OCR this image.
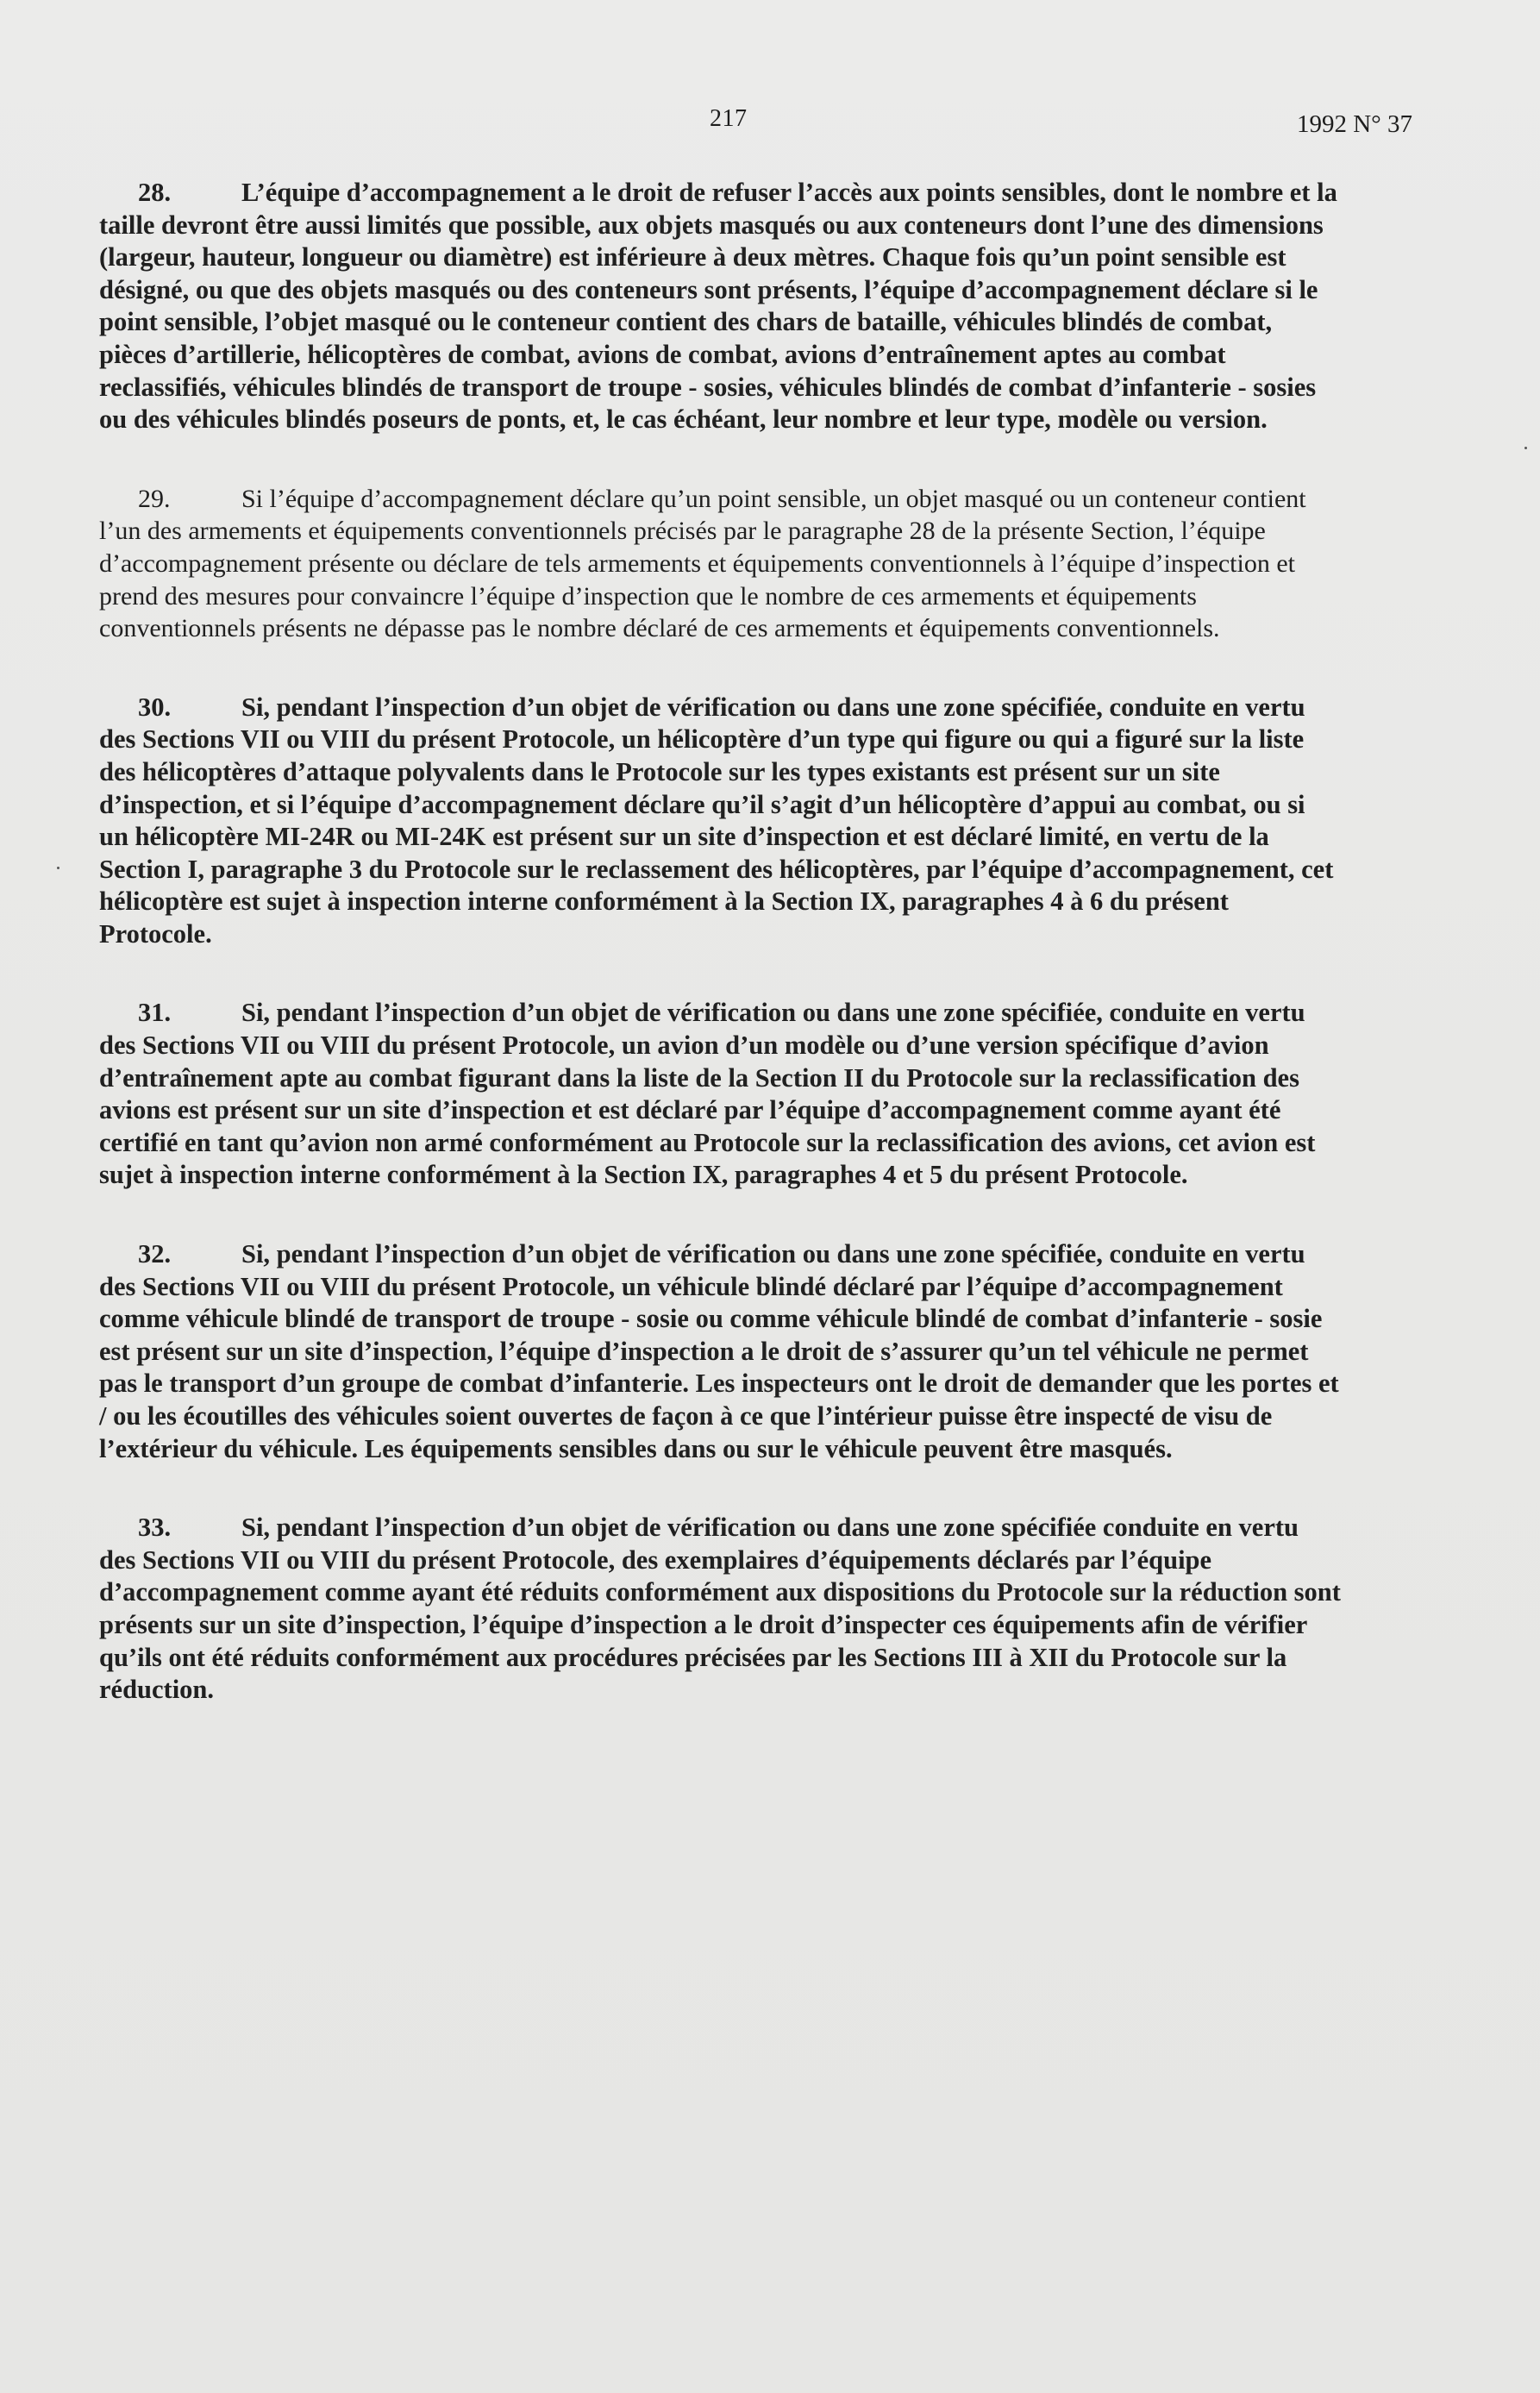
217	1992 N° 37

28.	L’équipe d’accompagnement a le droit de refuser l’accès aux points sensibles, dont le nombre et la taille devront être aussi limités que possible, aux objets masqués ou aux conteneurs dont l’une des dimensions (largeur, hauteur, longueur ou diamètre) est inférieure à deux mètres. Chaque fois qu’un point sensible est désigné, ou que des objets masqués ou des conteneurs sont présents, l’équipe d’accompagnement déclare si le point sensible, l’objet masqué ou le conteneur contient des chars de bataille, véhicules blindés de combat, pièces d’artillerie, hélicoptères de combat, avions de combat, avions d’entraînement aptes au combat reclassifiés, véhicules blindés de transport de troupe - sosies, véhicules blindés de combat d’infanterie - sosies ou des véhicules blindés poseurs de ponts, et, le cas échéant, leur nombre et leur type, modèle ou version.

29.	Si l’équipe d’accompagnement déclare qu’un point sensible, un objet masqué ou un conteneur contient l’un des armements et équipements conventionnels précisés par le paragraphe 28 de la présente Section, l’équipe d’accompagnement présente ou déclare de tels armements et équipements conventionnels à l’équipe d’inspection et prend des mesures pour convaincre l’équipe d’inspection que le nombre de ces armements et équipements conventionnels présents ne dépasse pas le nombre déclaré de ces armements et équipements conventionnels.

30.	Si, pendant l’inspection d’un objet de vérification ou dans une zone spécifiée, conduite en vertu des Sections VII ou VIII du présent Protocole, un hélicoptère d’un type qui figure ou qui a figuré sur la liste des hélicoptères d’attaque polyvalents dans le Protocole sur les types existants est présent sur un site d’inspection, et si l’équipe d’accompagnement déclare qu’il s’agit d’un hélicoptère d’appui au combat, ou si un hélicoptère MI-24R ou MI-24K est présent sur un site d’inspection et est déclaré limité, en vertu de la Section I, paragraphe 3 du Protocole sur le reclassement des hélicoptères, par l’équipe d’accompagnement, cet hélicoptère est sujet à inspection interne conformément à la Section IX, paragraphes 4 à 6 du présent Protocole.

31.	Si, pendant l’inspection d’un objet de vérification ou dans une zone spécifiée, conduite en vertu des Sections VII ou VIII du présent Protocole, un avion d’un modèle ou d’une version spécifique d’avion d’entraînement apte au combat figurant dans la liste de la Section II du Protocole sur la reclassification des avions est présent sur un site d’inspection et est déclaré par l’équipe d’accompagnement comme ayant été certifié en tant qu’avion non armé conformément au Protocole sur la reclassification des avions, cet avion est sujet à inspection interne conformément à la Section IX, paragraphes 4 et 5 du présent Protocole.

32.	Si, pendant l’inspection d’un objet de vérification ou dans une zone spécifiée, conduite en vertu des Sections VII ou VIII du présent Protocole, un véhicule blindé déclaré par l’équipe d’accompagnement comme véhicule blindé de transport de troupe - sosie ou comme véhicule blindé de combat d’infanterie - sosie est présent sur un site d’inspection, l’équipe d’inspection a le droit de s’assurer qu’un tel véhicule ne permet pas le transport d’un groupe de combat d’infanterie. Les inspecteurs ont le droit de demander que les portes et / ou les écoutilles des véhicules soient ouvertes de façon à ce que l’intérieur puisse être inspecté de visu de l’extérieur du véhicule. Les équipements sensibles dans ou sur le véhicule peuvent être masqués.

33.	Si, pendant l’inspection d’un objet de vérification ou dans une zone spécifiée conduite en vertu des Sections VII ou VIII du présent Protocole, des exemplaires d’équipements déclarés par l’équipe d’accompagnement comme ayant été réduits conformément aux dispositions du Protocole sur la réduction sont présents sur un site d’inspection, l’équipe d’inspection a le droit d’inspecter ces équipements afin de vérifier qu’ils ont été réduits conformément aux procédures précisées par les Sections III à XII du Protocole sur la réduction.
